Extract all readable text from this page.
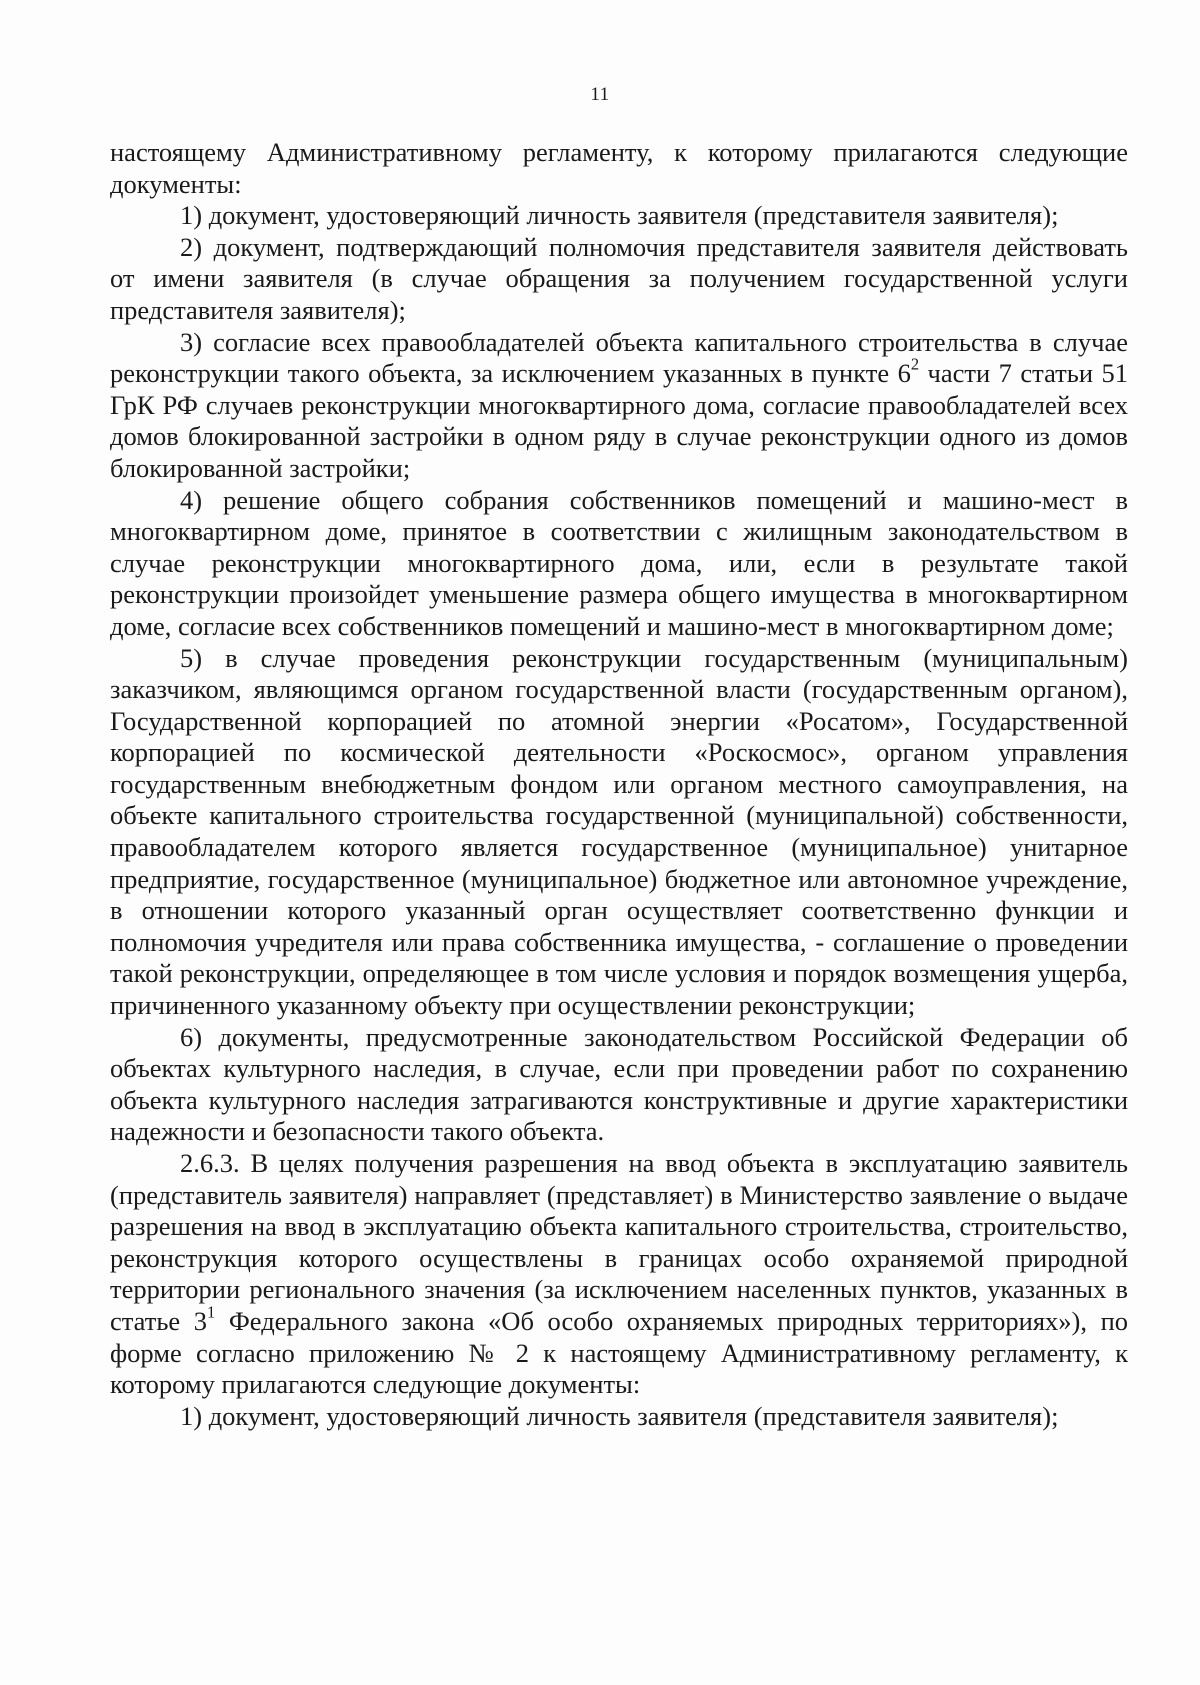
11

настоящему Административному регламенту, к которому прилагаются следующие документы:

1) документ, удостоверяющий личность заявителя (представителя заявителя);

2) документ, подтверждающий полномочия представителя заявителя действовать от имени заявителя (в случае обращения за получением государственной услуги представителя заявителя);

3) согласие всех правообладателей объекта капитального строительства в случае реконструкции такого объекта, за исключением указанных в пункте $6^2$ части 7 статьи 51 ГрК РФ случаев реконструкции многоквартирного дома, согласие правообладателей всех домов блокированной застройки в одном ряду в случае реконструкции одного из домов блокированной застройки;

4) решение общего собрания собственников помещений и машино-мест в многоквартирном доме, принятое в соответствии с жилищным законодательством в случае реконструкции многоквартирного дома, или, если в результате такой реконструкции произойдет уменьшение размера общего имущества в многоквартирном доме, согласие всех собственников помещений и машино-мест в многоквартирном доме;

5) в случае проведения реконструкции государственным (муниципальным) заказчиком, являющимся органом государственной власти (государственным органом), Государственной корпорацией по атомной энергии «Росатом», Государственной корпорацией по космической деятельности «Роскосмос», органом управления государственным внебюджетным фондом или органом местного самоуправления, на объекте капитального строительства государственной (муниципальной) собственности, правообладателем которого является государственное (муниципальное) унитарное предприятие, государственное (муниципальное) бюджетное или автономное учреждение, в отношении которого указанный орган осуществляет соответственно функции и полномочия учредителя или права собственника имущества, - соглашение о проведении такой реконструкции, определяющее в том числе условия и порядок возмещения ущерба, причиненного указанному объекту при осуществлении реконструкции;

6) документы, предусмотренные законодательством Российской Федерации об объектах культурного наследия, в случае, если при проведении работ по сохранению объекта культурного наследия затрагиваются конструктивные и другие характеристики надежности и безопасности такого объекта.

2.6.3. В целях получения разрешения на ввод объекта в эксплуатацию заявитель (представитель заявителя) направляет (представляет) в Министерство заявление о выдаче разрешения на ввод в эксплуатацию объекта капитального строительства, строительство, реконструкция которого осуществлены в границах особо охраняемой природной территории регионального значения (за исключением населенных пунктов, указанных в статье $3^1$ Федерального закона «Об особо охраняемых природных территориях»), по форме согласно приложению № 2 к настоящему Административному регламенту, к которому прилагаются следующие документы:

1) документ, удостоверяющий личность заявителя (представителя заявителя);
